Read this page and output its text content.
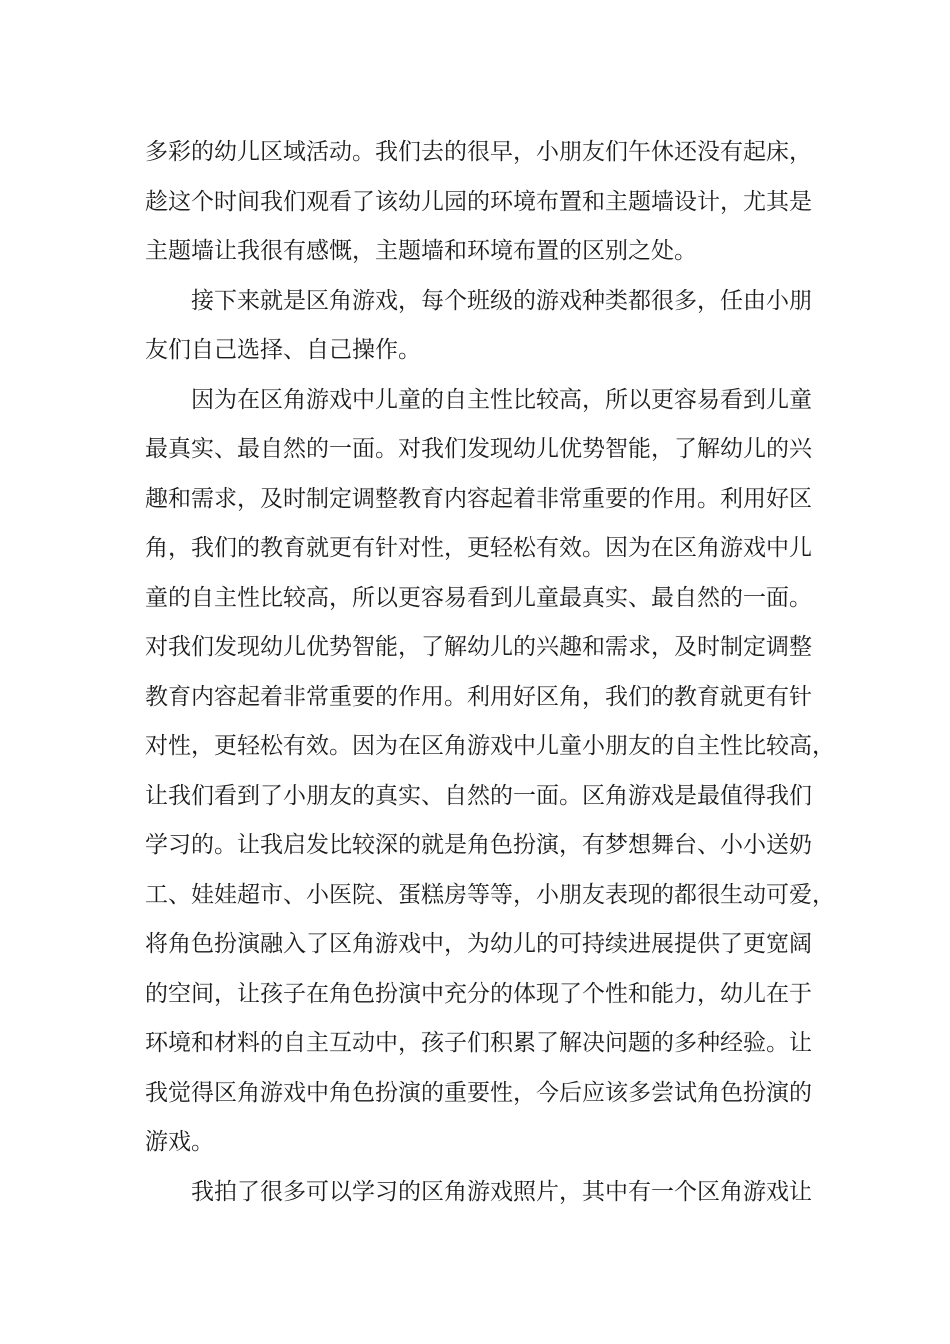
多彩的幼儿区域活动。我们去的很早，小朋友们午休还没有起床，
趁这个时间我们观看了该幼儿园的环境布置和主题墙设计，尤其是
主题墙让我很有感慨，主题墙和环境布置的区别之处。
接下来就是区角游戏，每个班级的游戏种类都很多，任由小朋
友们自己选择、自己操作。
因为在区角游戏中儿童的自主性比较高，所以更容易看到儿童
最真实、最自然的一面。对我们发现幼儿优势智能，了解幼儿的兴
趣和需求，及时制定调整教育内容起着非常重要的作用。利用好区
角，我们的教育就更有针对性，更轻松有效。因为在区角游戏中儿
童的自主性比较高，所以更容易看到儿童最真实、最自然的一面。
对我们发现幼儿优势智能，了解幼儿的兴趣和需求，及时制定调整
教育内容起着非常重要的作用。利用好区角，我们的教育就更有针
对性，更轻松有效。因为在区角游戏中儿童小朋友的自主性比较高，
让我们看到了小朋友的真实、自然的一面。区角游戏是最值得我们
学习的。让我启发比较深的就是角色扮演，有梦想舞台、小小送奶
工、娃娃超市、小医院、蛋糕房等等，小朋友表现的都很生动可爱，
将角色扮演融入了区角游戏中，为幼儿的可持续进展提供了更宽阔
的空间，让孩子在角色扮演中充分的体现了个性和能力，幼儿在于
环境和材料的自主互动中，孩子们积累了解决问题的多种经验。让
我觉得区角游戏中角色扮演的重要性，今后应该多尝试角色扮演的
游戏。
我拍了很多可以学习的区角游戏照片，其中有一个区角游戏让
